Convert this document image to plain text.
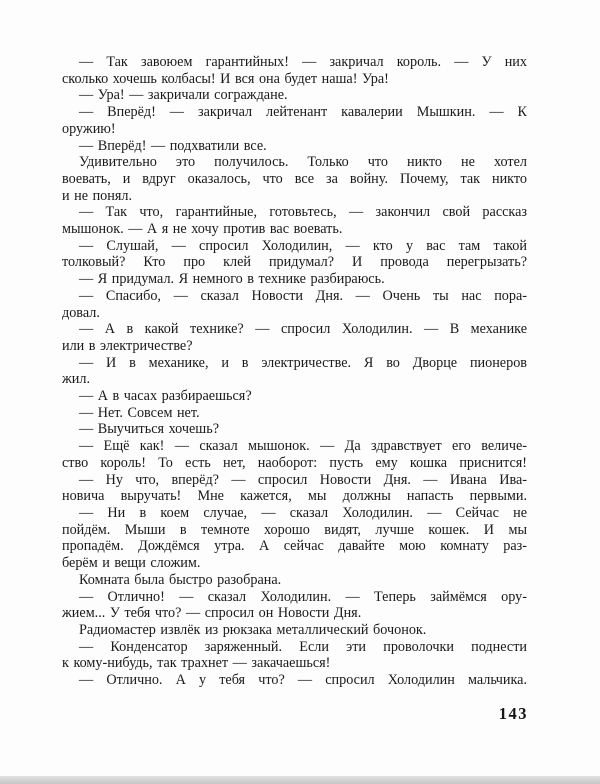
— Так завоюем гарантийных! — закричал король. — У них
сколько хочешь колбасы! И вся она будет наша! Ура!
— Ура! — закричали сограждане.
— Вперёд! — закричал лейтенант кавалерии Мышкин. — К
оружию!
— Вперёд! — подхватили все.
Удивительно это получилось. Только что никто не хотел
воевать, и вдруг оказалось, что все за войну. Почему, так никто
и не понял.
— Так что, гарантийные, готовьтесь, — закончил свой рассказ
мышонок. — А я не хочу против вас воевать.
— Слушай, — спросил Холодилин, — кто у вас там такой
толковый? Кто про клей придумал? И провода перегрызать?
— Я придумал. Я немного в технике разбираюсь.
— Спасибо, — сказал Новости Дня. — Очень ты нас пора-
довал.
— А в какой технике? — спросил Холодилин. — В механике
или в электричестве?
— И в механике, и в электричестве. Я во Дворце пионеров
жил.
— А в часах разбираешься?
— Нет. Совсем нет.
— Выучиться хочешь?
— Ещё как! — сказал мышонок. — Да здравствует его величе-
ство король! То есть нет, наоборот: пусть ему кошка приснится!
— Ну что, вперёд? — спросил Новости Дня. — Ивана Ива-
новича выручать! Мне кажется, мы должны напасть первыми.
— Ни в коем случае, — сказал Холодилин. — Сейчас не
пойдём. Мыши в темноте хорошо видят, лучше кошек. И мы
пропадём. Дождёмся утра. А сейчас давайте мою комнату раз-
берём и вещи сложим.
Комната была быстро разобрана.
— Отлично! — сказал Холодилин. — Теперь займёмся ору-
жием... У тебя что? — спросил он Новости Дня.
Радиомастер извлёк из рюкзака металлический бочонок.
— Конденсатор заряженный. Если эти проволочки поднести
к кому-нибудь, так трахнет — закачаешься!
— Отлично. А у тебя что? — спросил Холодилин мальчика.
143
